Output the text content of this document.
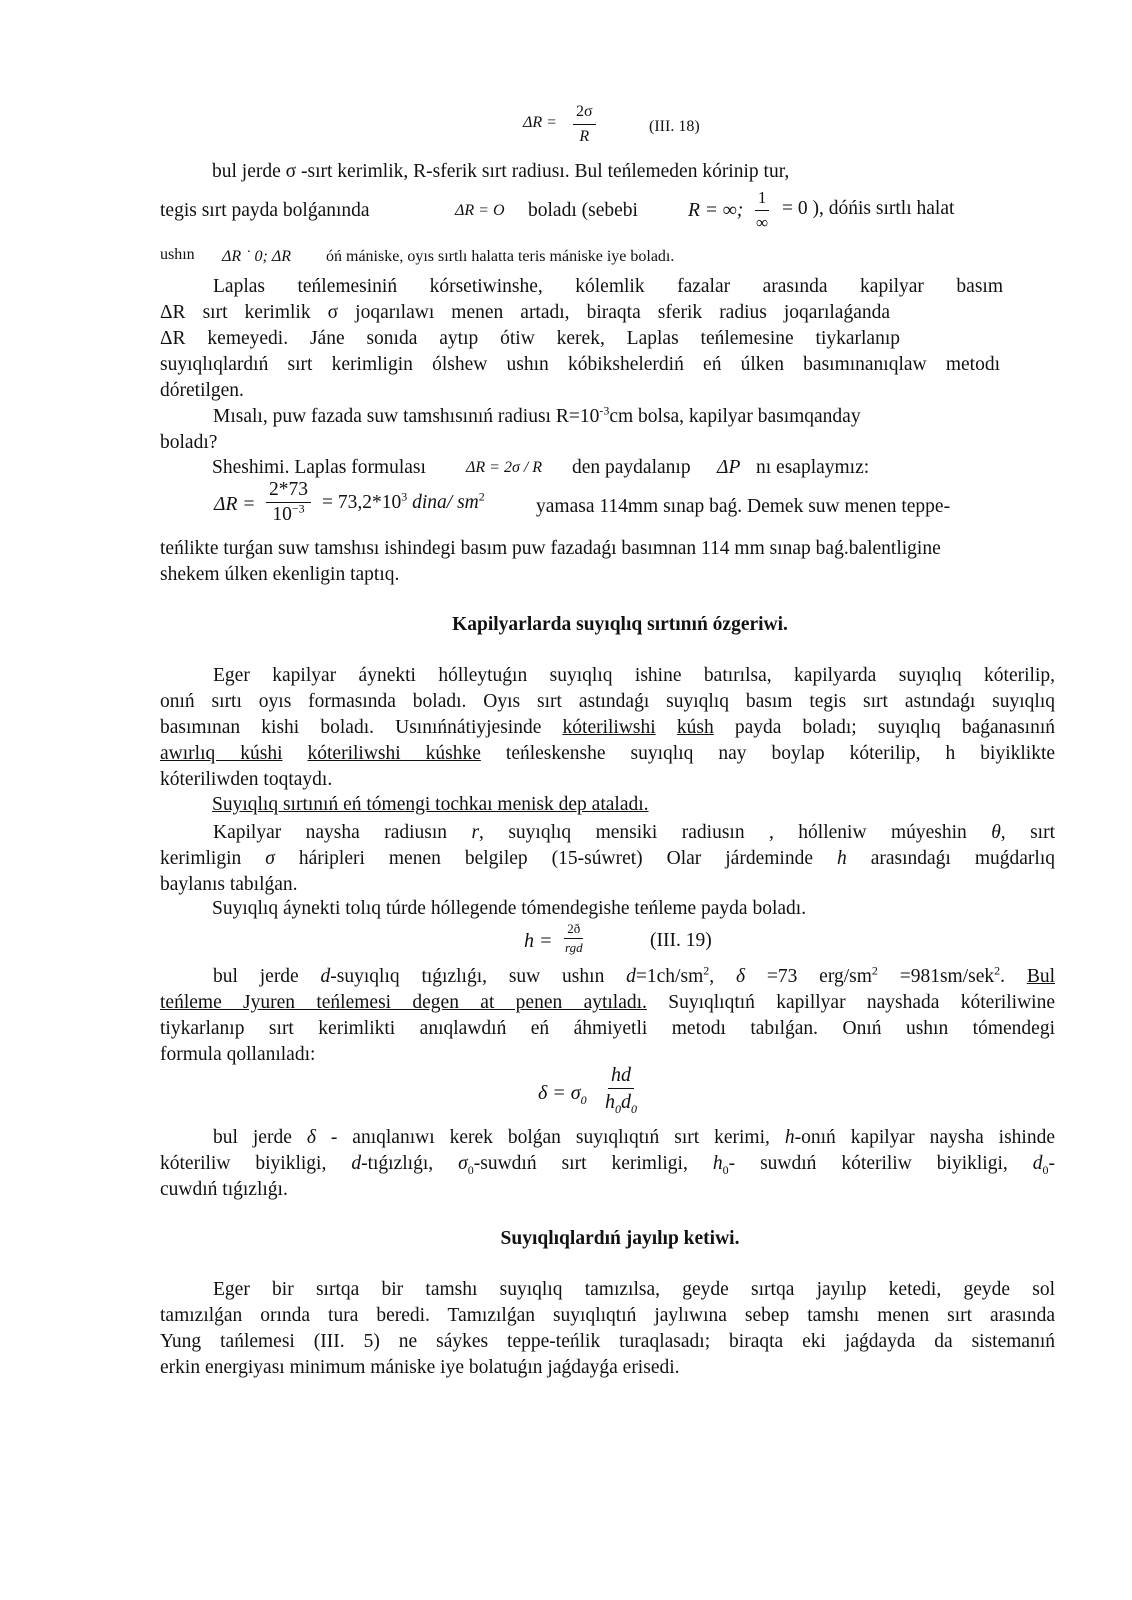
$\Delta R = \frac{2\sigma}{R}$	(III. 18)
bul jerde σ -sırt kerimlik, R-sferik sırt radiusı. Bul teńlemeden kórinip tur,
tegis sırt payda bolǵanında	ΔR = O boladı (sebebi	R = ∞;
1
∞
= 0 ), dóńis sırtlı halat
ushın ΔR ˙ 0; ΔR óń mániske, oyıs sırtlı halatta teris mániske iye boladı.
Laplas teńlemesiniń kórsetiwinshe, kólemlik fazalar arasında kapilyar basım
ΔR sırt kerimlik σ joqarılawı menen artadı, biraqta sferik radius joqarılaǵanda
ΔR kemeyedi. Jáne sonıda aytıp ótiw kerek, Laplas teńlemesine tiykarlanıp
suyıqlıqlardıń sırt kerimligin ólshew ushın kóbikshelerdiń eń úlken basımınanıqlaw metodı
dóretilgen.
Mısalı, puw fazada suw tamshısınıń radiusı $R=10^{-3}cm$ bolsa, kapilyar basımqanday
boladı?
Sheshimi. Laplas formulası	ΔR = 2σ / R den paydalanıp ΔP nı esaplaymız:
$\Delta R = \frac{2*73}{10^{-3}} = 73,2*10^3$ dina/ $sm^2$	yamasa 114mm sınap baǵ. Demek suw menen teppe-
teńlikte turǵan suw tamshısı ishindegi basım puw fazadaǵı basımnan 114 mm sınap baǵ.balentligine
shekem úlken ekenligin taptıq.
Kapilyarlarda suyıqlıq sırtınıń ózgeriwi.
Eger kapilyar áynekti hólleytuǵın suyıqlıq ishine batırılsa, kapilyarda suyıqlıq kóterilip,
onıń sırtı oyıs formasında boladı. Oyıs sırt astındaǵı suyıqlıq basım tegis sırt astındaǵı suyıqlıq
basımınan kishi boladı. Usınıńnátiyjesinde kóteriliwshi kúsh payda boladı; suyıqlıq baǵanasınıń
awırlıq kúshi kóteriliwshi kúshke teńleskenshe suyıqlıq nay boylap kóterilip, h biyiklikte
kóteriliwden toqtaydı.
Suyıqlıq sırtınıń eń tómengi tochkaı menisk dep ataladı.
Kapilyar naysha radiusın r, suyıqlıq mensiki radiusın , hólleniw múyeshin θ, sırt
kerimligin σ háripleri menen belgilep (15-súwret) Olar járdeminde h arasındaǵı muǵdarlıq
baylanıs tabılǵan.
Suyıqlıq áynekti tolıq túrde hóllegende tómendegishe teńleme payda boladı.
h =
2ð
rgd	(III. 19)
bul jerde d-suyıqlıq tıǵızlıǵı, suw ushın $d=1ch/sm^2$, δ =73 erg/$sm^2 =981sm/sek^2$. Bul
teńleme Jyuren teńlemesi degen at penen aytıladı. Suyıqlıqtıń kapillyar nayshada kóteriliwine
tiykarlanıp sırt kerimlikti anıqlawdıń eń áhmiyetli metodı tabılǵan. Onıń ushın tómendegi
formula qollanıladı:
$\delta = \sigma_0 \frac{hd}{h_0d_0}$
bul jerde δ - anıqlanıwı kerek bolǵan suyıqlıqtıń sırt kerimi, h-onıń kapilyar naysha ishinde
kóteriliw biyikligi, d-tıǵızlıǵı, $\sigma_0$-suwdıń sırt kerimligi, $h_0-$ suwdıń kóteriliw biyikligi, $d_0-$
cuwdıń tıǵızlıǵı.
Suyıqlıqlardıń jayılıp ketiwi.
Eger bir sırtqa bir tamshı suyıqlıq tamızılsa, geyde sırtqa jayılıp ketedi, geyde sol
tamızılǵan orında tura beredi. Tamızılǵan suyıqlıqtıń jaylıwına sebep tamshı menen sırt arasında
Yung tańlemesi (III. 5) ne sáykes teppe-teńlik turaqlasadı; biraqta eki jaǵdayda da sistemanıń
erkin energiyası minimum mániske iye bolatuǵın jaǵdayǵa erisedi.
